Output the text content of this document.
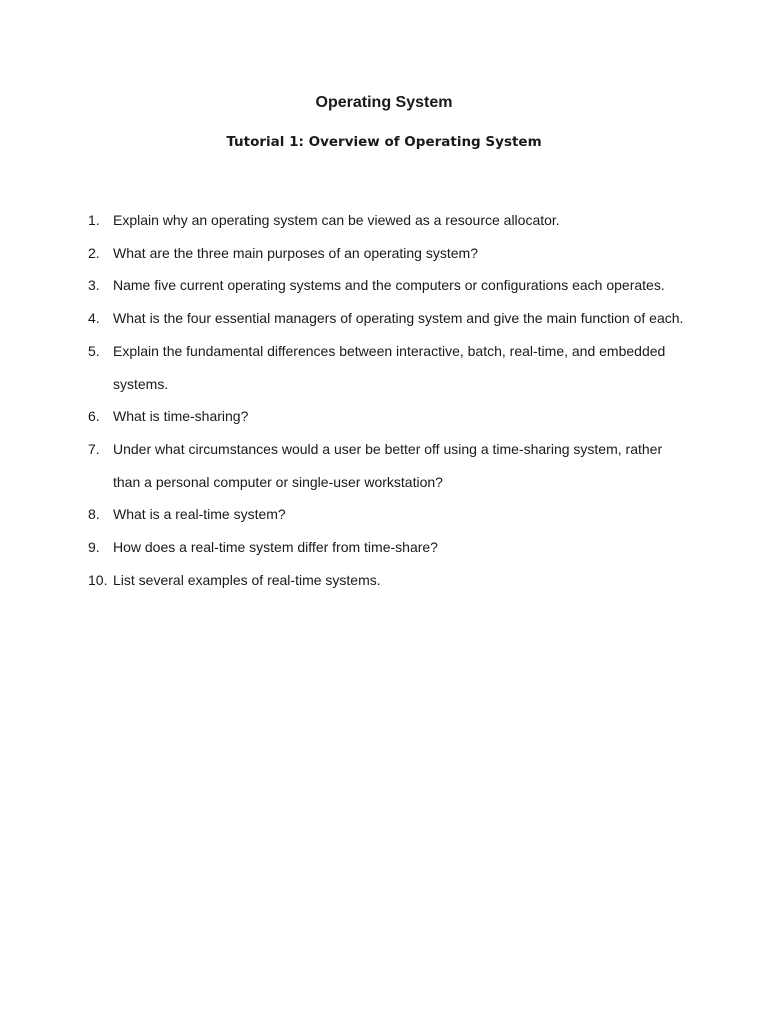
Operating System
Tutorial 1: Overview of Operating System
1. Explain why an operating system can be viewed as a resource allocator.
2. What are the three main purposes of an operating system?
3. Name five current operating systems and the computers or configurations each operates.
4. What is the four essential managers of operating system and give the main function of each.
5. Explain the fundamental differences between interactive, batch, real-time, and embedded systems.
6. What is time-sharing?
7. Under what circumstances would a user be better off using a time-sharing system, rather than a personal computer or single-user workstation?
8. What is a real-time system?
9. How does a real-time system differ from time-share?
10. List several examples of real-time systems.
